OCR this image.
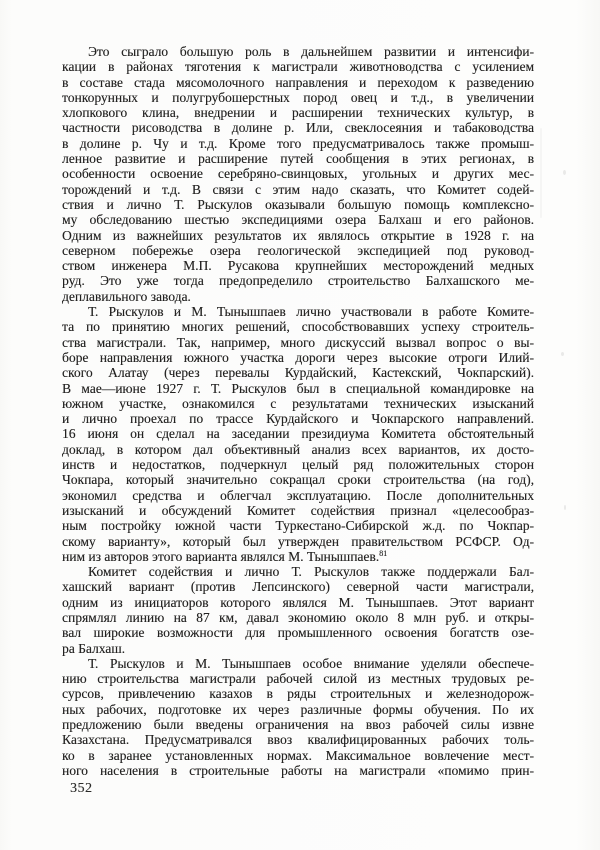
Это сыграло большую роль в дальнейшем развитии и интенсифи-
кации в районах тяготения к магистрали животноводства с усилением
в составе стада мясомолочного направления и переходом к разведению
тонкорунных и полугрубошерстных пород овец и т.д., в увеличении
хлопкового клина, внедрении и расширении технических культур, в
частности рисоводства в долине р. Или, свеклосеяния и табаководства
в долине р. Чу и т.д. Кроме того предусматривалось также промыш-
ленное развитие и расширение путей сообщения в этих регионах, в
особенности освоение серебряно-свинцовых, угольных и других мес-
торождений и т.д. В связи с этим надо сказать, что Комитет содей-
ствия и лично Т. Рыскулов оказывали большую помощь комплексно-
му обследованию шестью экспедициями озера Балхаш и его районов.
Одним из важнейших результатов их являлось открытие в 1928 г. на
северном побережье озера геологической экспедицией под руковод-
ством инженера М.П. Русакова крупнейших месторождений медных
руд. Это уже тогда предопределило строительство Балхашского ме-
деплавильного завода.
Т. Рыскулов и М. Тынышпаев лично участвовали в работе Комите-
та по принятию многих решений, способствовавших успеху строитель-
ства магистрали. Так, например, много дискуссий вызвал вопрос о вы-
боре направления южного участка дороги через высокие отроги Илий-
ского Алатау (через перевалы Курдайский, Кастекский, Чокпарский).
В мае—июне 1927 г. Т. Рыскулов был в специальной командировке на
южном участке, ознакомился с результатами технических изысканий
и лично проехал по трассе Курдайского и Чокпарского направлений.
16 июня он сделал на заседании президиума Комитета обстоятельный
доклад, в котором дал объективный анализ всех вариантов, их досто-
инств и недостатков, подчеркнул целый ряд положительных сторон
Чокпара, который значительно сокращал сроки строительства (на год),
экономил средства и облегчал эксплуатацию. После дополнительных
изысканий и обсуждений Комитет содействия признал «целесообраз-
ным постройку южной части Туркестано-Сибирской ж.д. по Чокпар-
скому варианту», который был утвержден правительством РСФСР. Од-
ним из авторов этого варианта являлся М. Тынышпаев.$^{81}$
Комитет содействия и лично Т. Рыскулов также поддержали Бал-
хашский вариант (против Лепсинского) северной части магистрали,
одним из инициаторов которого являлся М. Тынышпаев. Этот вариант
спрямлял линию на 87 км, давал экономию около 8 млн руб. и откры-
вал широкие возможности для промышленного освоения богатств озе-
ра Балхаш.
Т. Рыскулов и М. Тынышпаев особое внимание уделяли обеспече-
нию строительства магистрали рабочей силой из местных трудовых ре-
сурсов, привлечению казахов в ряды строительных и железнодорож-
ных рабочих, подготовке их через различные формы обучения. По их
предложению были введены ограничения на ввоз рабочей силы извне
Казахстана. Предусматривался ввоз квалифицированных рабочих толь-
ко в заранее установленных нормах. Максимальное вовлечение мест-
ного населения в строительные работы на магистрали «помимо прин-
352
